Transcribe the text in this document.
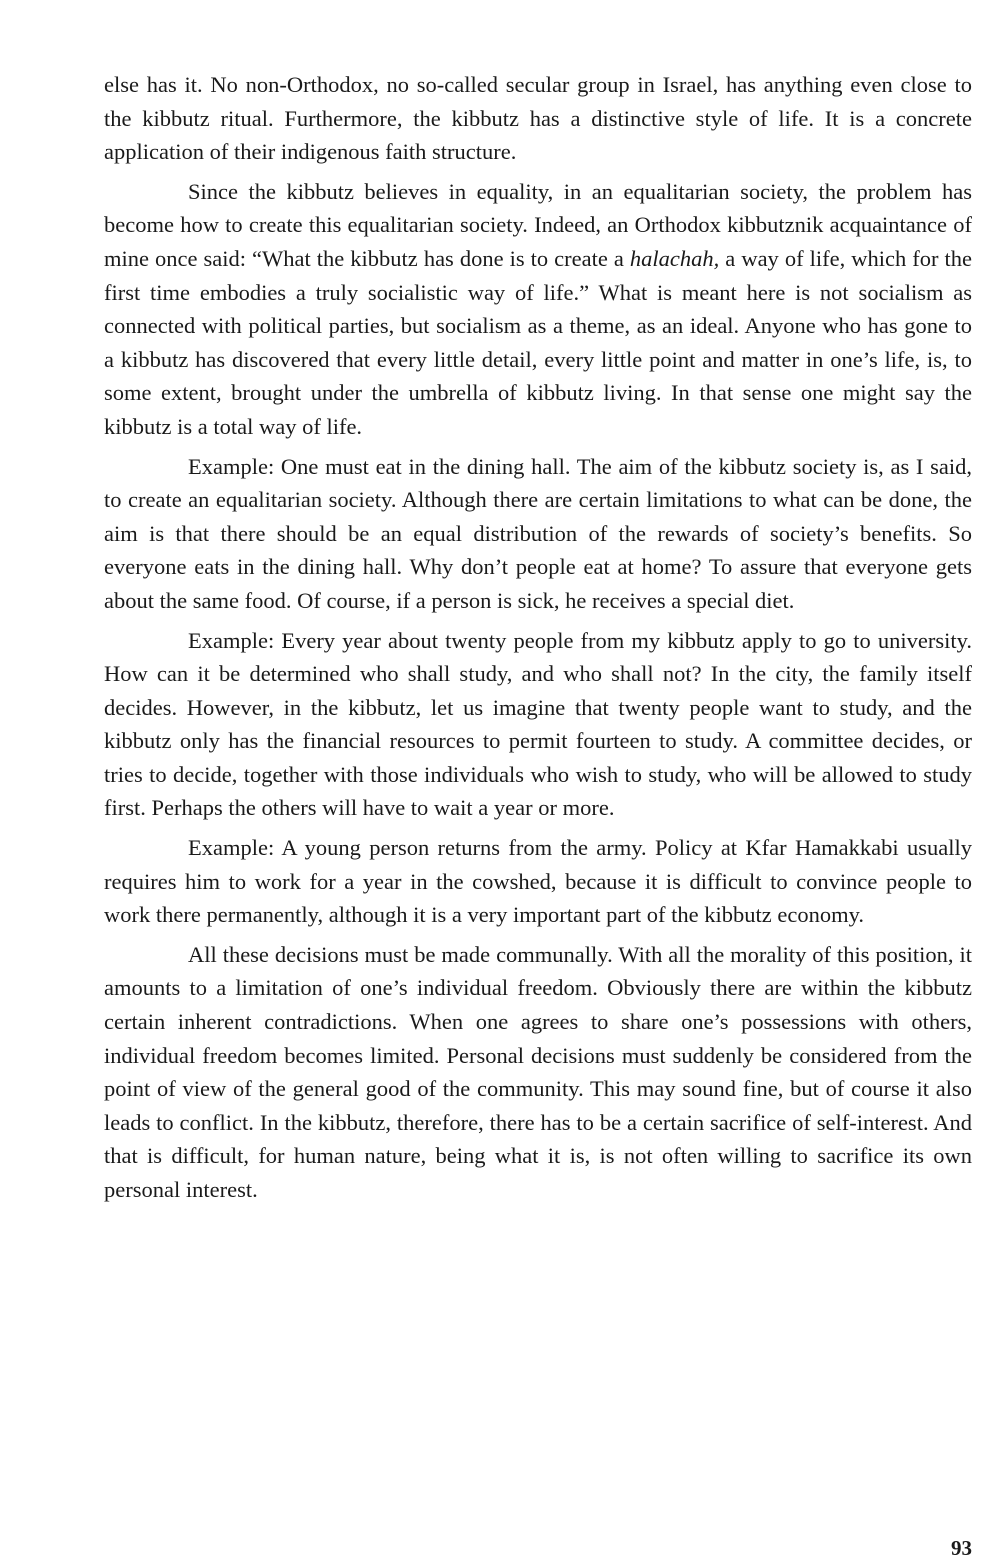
else has it. No non-Orthodox, no so-called secular group in Israel, has anything even close to the kibbutz ritual. Furthermore, the kibbutz has a distinctive style of life. It is a concrete application of their indigenous faith structure.

Since the kibbutz believes in equality, in an equalitarian society, the problem has become how to create this equalitarian society. Indeed, an Orthodox kibbutznik acquaintance of mine once said: “What the kibbutz has done is to create a halachah, a way of life, which for the first time embodies a truly socialistic way of life.” What is meant here is not socialism as connected with political parties, but socialism as a theme, as an ideal. Anyone who has gone to a kibbutz has discovered that every little detail, every little point and matter in one’s life, is, to some extent, brought under the umbrella of kibbutz living. In that sense one might say the kibbutz is a total way of life.

Example: One must eat in the dining hall. The aim of the kibbutz society is, as I said, to create an equalitarian society. Although there are certain limitations to what can be done, the aim is that there should be an equal distribution of the rewards of society’s benefits. So everyone eats in the dining hall. Why don’t people eat at home? To assure that everyone gets about the same food. Of course, if a person is sick, he receives a special diet.

Example: Every year about twenty people from my kibbutz apply to go to university. How can it be determined who shall study, and who shall not? In the city, the family itself decides. However, in the kibbutz, let us imagine that twenty people want to study, and the kibbutz only has the financial resources to permit fourteen to study. A committee decides, or tries to decide, together with those individuals who wish to study, who will be allowed to study first. Perhaps the others will have to wait a year or more.

Example: A young person returns from the army. Policy at Kfar Hamakkabi usually requires him to work for a year in the cowshed, because it is difficult to convince people to work there permanently, although it is a very important part of the kibbutz economy.

All these decisions must be made communally. With all the morality of this position, it amounts to a limitation of one’s individual freedom. Obviously there are within the kibbutz certain inherent contradictions. When one agrees to share one’s possessions with others, individual freedom becomes limited. Personal decisions must suddenly be considered from the point of view of the general good of the community. This may sound fine, but of course it also leads to conflict. In the kibbutz, therefore, there has to be a certain sacrifice of self-interest. And that is difficult, for human nature, being what it is, is not often willing to sacrifice its own personal interest.

93
